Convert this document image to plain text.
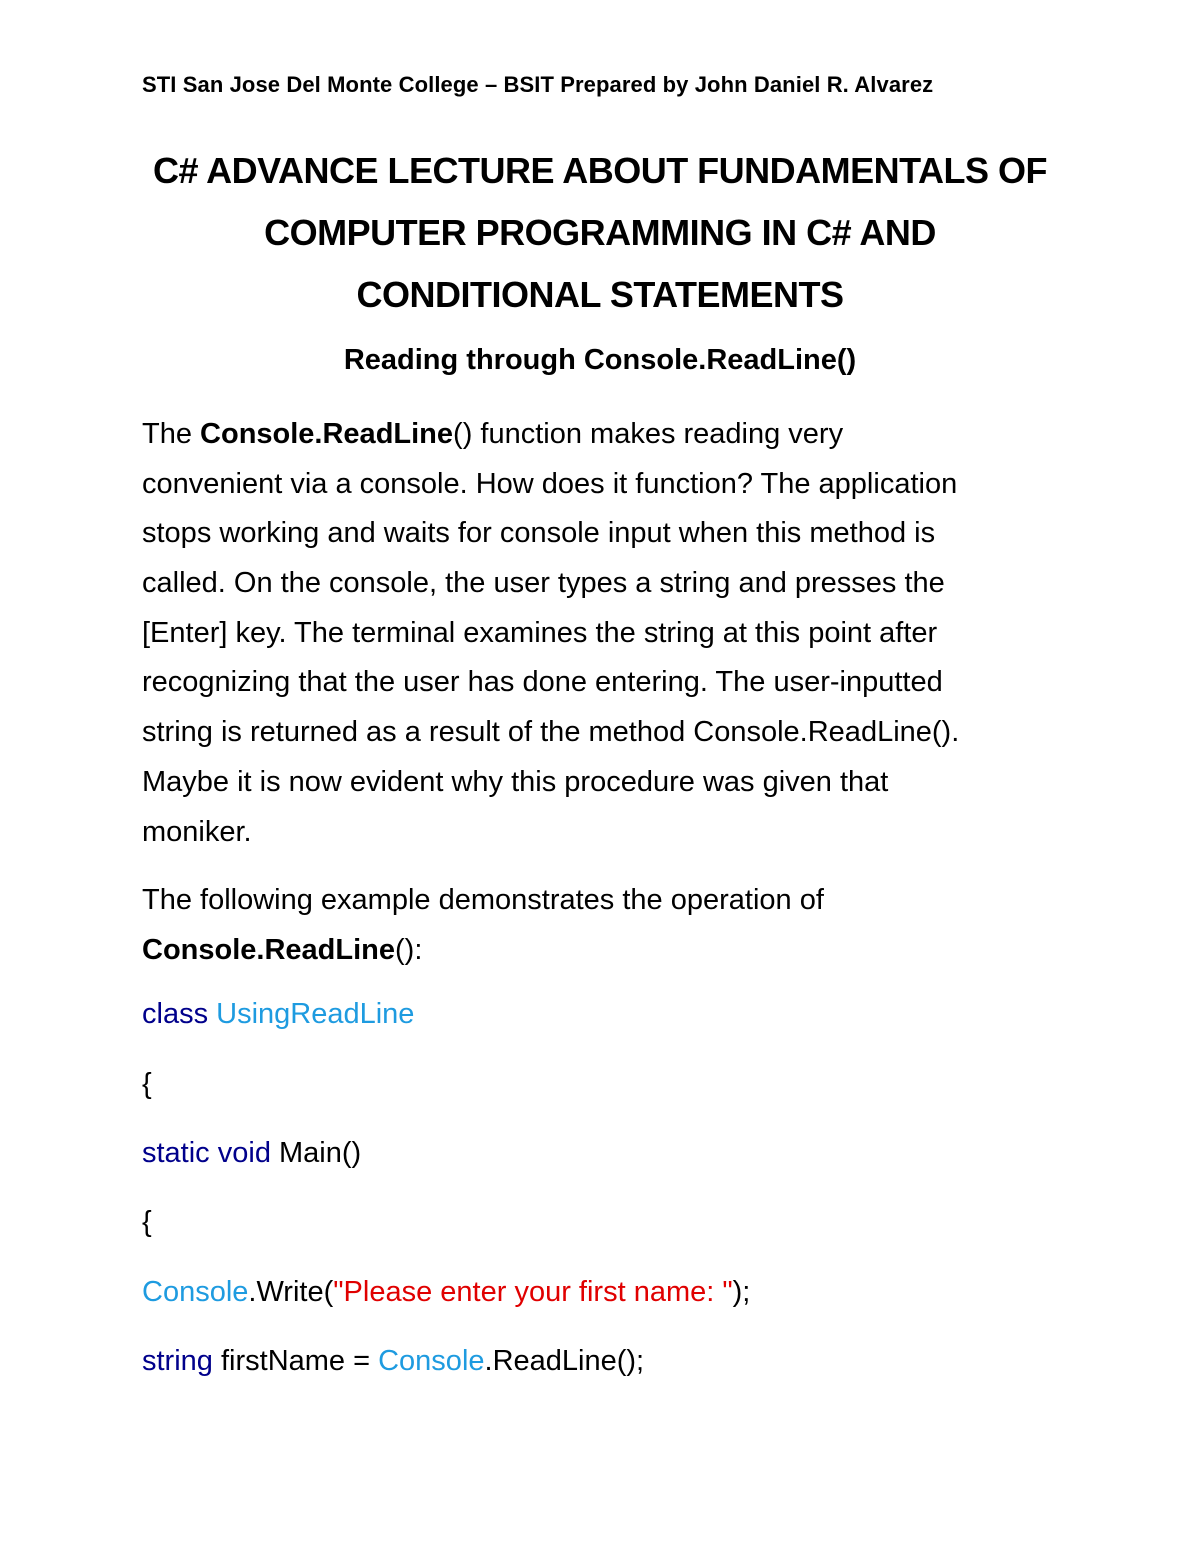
STI San Jose Del Monte College – BSIT Prepared by John Daniel R. Alvarez
C# ADVANCE LECTURE ABOUT FUNDAMENTALS OF
COMPUTER PROGRAMMING IN C# AND
CONDITIONAL STATEMENTS
Reading through Console.ReadLine()
The Console.ReadLine() function makes reading very
convenient via a console. How does it function? The application
stops working and waits for console input when this method is
called. On the console, the user types a string and presses the
[Enter] key. The terminal examines the string at this point after
recognizing that the user has done entering. The user-inputted
string is returned as a result of the method Console.ReadLine().
Maybe it is now evident why this procedure was given that
moniker.
The following example demonstrates the operation of
Console.ReadLine():
class UsingReadLine
{
static void Main()
{
Console.Write("Please enter your first name: ");
string firstName = Console.ReadLine();
